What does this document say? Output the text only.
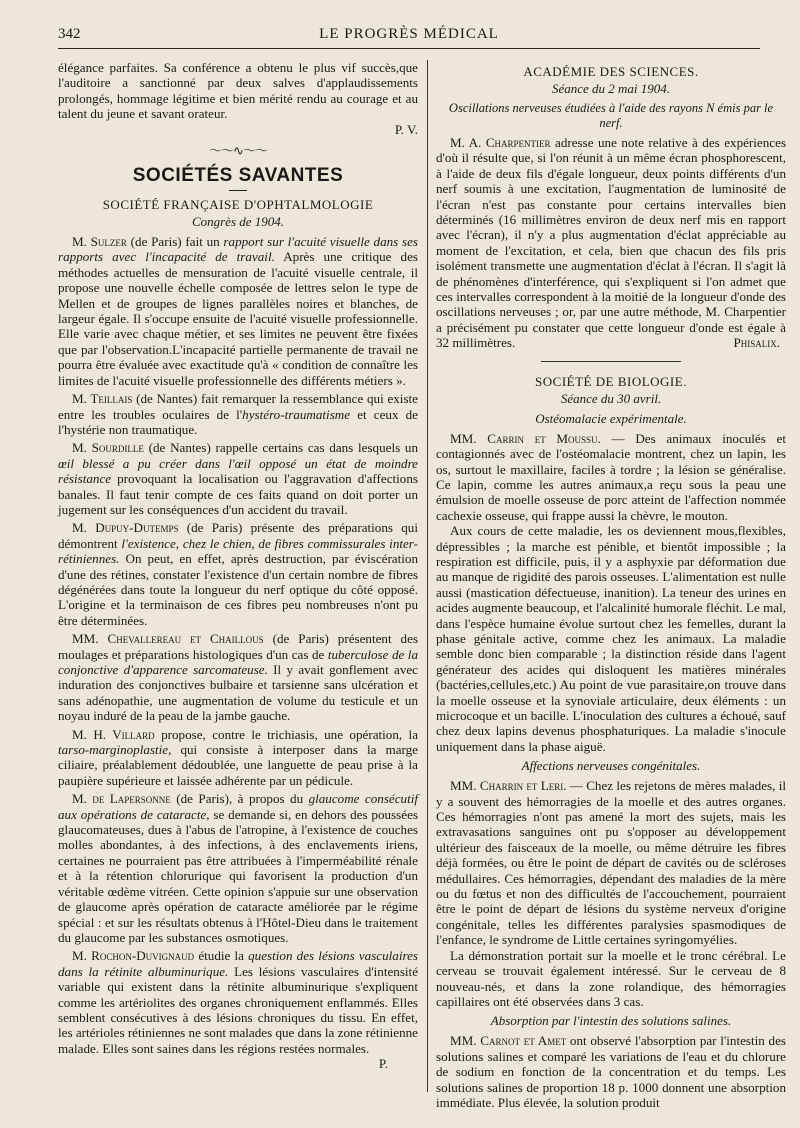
342	LE PROGRÈS MÉDICAL

élégance parfaites. Sa conférence a obtenu le plus vif succès,que l'auditoire a sanctionné par deux salves d'applaudissements prolongés, hommage légitime et bien mérité rendu au courage et au talent du jeune et savant orateur.

P. V.

〜〜∿〜〜
SOCIÉTÉS SAVANTES
SOCIÉTÉ FRANÇAISE D'OPHTALMOLOGIE
Congrès de 1904.

M. Sulzer (de Paris) fait un rapport sur l'acuité visuelle dans ses rapports avec l'incapacité de travail. Après une critique des méthodes actuelles de mensuration de l'acuité visuelle centrale, il propose une nouvelle échelle composée de lettres selon le type de Mellen et de groupes de lignes parallèles noires et blanches, de largeur égale. Il s'occupe ensuite de l'acuité visuelle professionnelle. Elle varie avec chaque métier, et ses limites ne peuvent être fixées que par l'observation.L'incapacité partielle permanente de travail ne pourra être évaluée avec exactitude qu'à « condition de connaître les limites de l'acuité visuelle professionnelle des différents métiers ».

M. Teillais (de Nantes) fait remarquer la ressemblance qui existe entre les troubles oculaires de l'hystéro-traumatisme et ceux de l'hystérie non traumatique.

M. Sourdille (de Nantes) rappelle certains cas dans lesquels un œil blessé a pu créer dans l'œil opposé un état de moindre résistance provoquant la localisation ou l'aggravation d'affections banales. Il faut tenir compte de ces faits quand on doit porter un jugement sur les conséquences d'un accident du travail.

M. Dupuy-Dutemps (de Paris) présente des préparations qui démontrent l'existence, chez le chien, de fibres commissurales inter-rétiniennes. On peut, en effet, après destruction, par éviscération d'une des rétines, constater l'existence d'un certain nombre de fibres dégénérées dans toute la longueur du nerf optique du côté opposé. L'origine et la terminaison de ces fibres peu nombreuses n'ont pu être déterminées.

MM. Chevallereau et Chaillous (de Paris) présentent des moulages et préparations histologiques d'un cas de tuberculose de la conjonctive d'apparence sarcomateuse. Il y avait gonflement avec induration des conjonctives bulbaire et tarsienne sans ulcération et sans adénopathie, une augmentation de volume du testicule et un noyau induré de la peau de la jambe gauche.

M. H. Villard propose, contre le trichiasis, une opération, la tarso-marginoplastie, qui consiste à interposer dans la marge ciliaire, préalablement dédoublée, une languette de peau prise à la paupière supérieure et laissée adhérente par un pédicule.

M. de Lapersonne (de Paris), à propos du glaucome consécutif aux opérations de cataracte, se demande si, en dehors des poussées glaucomateuses, dues à l'abus de l'atropine, à l'existence de couches molles abondantes, à des infections, à des enclavements iriens, certaines ne pourraient pas être attribuées à l'imperméabilité rénale et à la rétention chlorurique qui favorisent la production d'un véritable œdème vitréen. Cette opinion s'appuie sur une observation de glaucome après opération de cataracte améliorée par le régime spécial : et sur les résultats obtenus à l'Hôtel-Dieu dans le traitement du glaucome par les substances osmotiques.

M. Rochon-Duvignaud étudie la question des lésions vasculaires dans la rétinite albuminurique. Les lésions vasculaires d'intensité variable qui existent dans la rétinite albuminurique s'expliquent comme les artériolites des organes chroniquement enflammés. Elles semblent consécutives à des lésions chroniques du tissu. En effet, les artérioles rétiniennes ne sont malades que dans la zone rétinienne malade. Elles sont saines dans les régions restées normales.
P.

ACADÉMIE DES SCIENCES.
Séance du 2 mai 1904.
Oscillations nerveuses étudiées à l'aide des rayons N émis par le nerf.

M. A. Charpentier adresse une note relative à des expériences d'où il résulte que, si l'on réunit à un même écran phosphorescent, à l'aide de deux fils d'égale longueur, deux points différents d'un nerf soumis à une excitation, l'augmentation de luminosité de l'écran n'est pas constante pour certains intervalles bien déterminés (16 millimètres environ de deux nerf mis en rapport avec l'écran), il n'y a plus augmentation d'éclat appréciable au moment de l'excitation, et cela, bien que chacun des fils pris isolément transmette une augmentation d'éclat à l'écran. Il s'agit là de phénomènes d'interférence, qui s'expliquent si l'on admet que ces intervalles correspondent à la moitié de la longueur d'onde des oscillations nerveuses ; or, par une autre méthode, M. Charpentier a précisément pu constater que cette longueur d'onde est égale à 32 millimètres.	Phisalix.

SOCIÉTÉ DE BIOLOGIE.
Séance du 30 avril.
Ostéomalacie expérimentale.

MM. Carrin et Moussu. — Des animaux inoculés et contagionnés avec de l'ostéomalacie montrent, chez un lapin, les os, surtout le maxillaire, faciles à tordre ; la lésion se généralise. Ce lapin, comme les autres animaux,a reçu sous la peau une émulsion de moelle osseuse de porc atteint de l'affection nommée cachexie osseuse, qui frappe aussi la chèvre, le mouton.

Aux cours de cette maladie, les os deviennent mous,flexibles, dépressibles ; la marche est pénible, et bientôt impossible ; la respiration est difficile, puis, il y a asphyxie par déformation due au manque de rigidité des parois osseuses. L'alimentation est nulle aussi (mastication défectueuse, inanition). La teneur des urines en acides augmente beaucoup, et l'alcalinité humorale fléchit. Le mal, dans l'espèce humaine évolue surtout chez les femelles, durant la phase génitale active, comme chez les animaux. La maladie semble donc bien comparable ; la distinction réside dans l'agent générateur des acides qui disloquent les matières minérales (bactéries,cellules,etc.) Au point de vue parasitaire,on trouve dans la moelle osseuse et la synoviale articulaire, deux éléments : un microcoque et un bacille. L'inoculation des cultures a échoué, sauf chez deux lapins devenus phosphaturiques. La maladie s'inocule uniquement dans la phase aiguë.

Affections nerveuses congénitales.

MM. Charrin et Leri. — Chez les rejetons de mères malades, il y a souvent des hémorragies de la moelle et des autres organes. Ces hémorragies n'ont pas amené la mort des sujets, mais les extravasations sanguines ont pu s'opposer au développement ultérieur des faisceaux de la moelle, ou même détruire les fibres déjà formées, ou être le point de départ de cavités ou de scléroses médullaires. Ces hémorragies, dépendant des maladies de la mère ou du fœtus et non des difficultés de l'accouchement, pourraient être le point de départ de lésions du système nerveux d'origine congénitale, telles les différentes paralysies spasmodiques de l'enfance, le syndrome de Little certaines syringomyélies.

La démonstration portait sur la moelle et le tronc cérébral. Le cerveau se trouvait également intéressé. Sur le cerveau de 8 nouveau-nés, et dans la zone rolandique, des hémorragies capillaires ont été observées dans 3 cas.

Absorption par l'intestin des solutions salines.

MM. Carnot et Amet ont observé l'absorption par l'intestin des solutions salines et comparé les variations de l'eau et du chlorure de sodium en fonction de la concentration et du temps. Les solutions salines de proportion 18 p. 1000 donnent une absorption immédiate. Plus élevée, la solution produit
